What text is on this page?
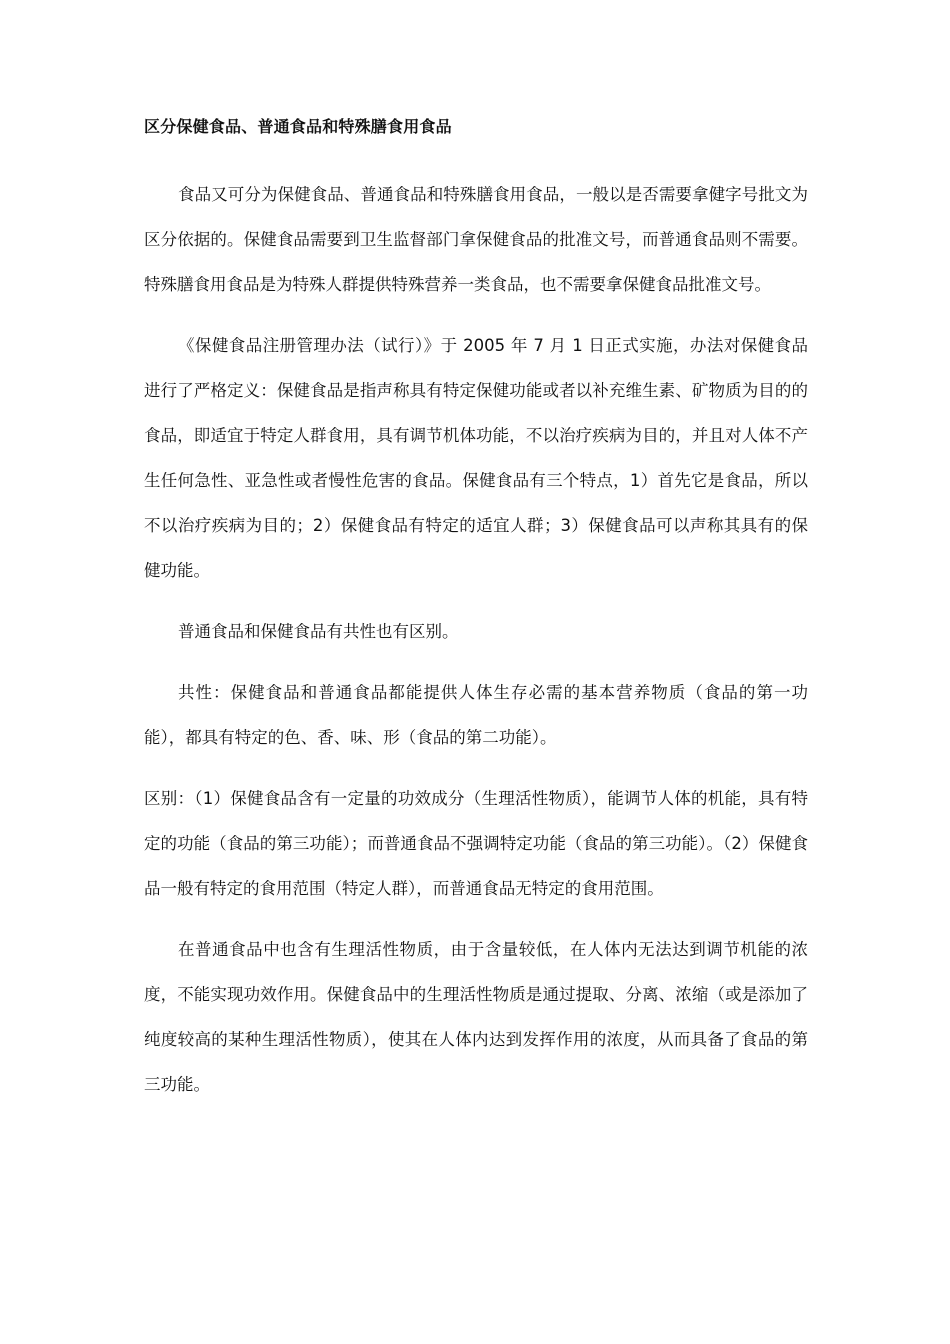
区分保健食品、普通食品和特殊膳食用食品

食品又可分为保健食品、普通食品和特殊膳食用食品，一般以是否需要拿健字号批文为区分依据的。保健食品需要到卫生监督部门拿保健食品的批准文号，而普通食品则不需要。特殊膳食用食品是为特殊人群提供特殊营养一类食品，也不需要拿保健食品批准文号。

《保健食品注册管理办法（试行）》于 2005 年 7 月 1 日正式实施，办法对保健食品进行了严格定义：保健食品是指声称具有特定保健功能或者以补充维生素、矿物质为目的的食品，即适宜于特定人群食用，具有调节机体功能，不以治疗疾病为目的，并且对人体不产生任何急性、亚急性或者慢性危害的食品。保健食品有三个特点，1）首先它是食品，所以不以治疗疾病为目的；2）保健食品有特定的适宜人群；3）保健食品可以声称其具有的保健功能。

普通食品和保健食品有共性也有区别。

共性：保健食品和普通食品都能提供人体生存必需的基本营养物质（食品的第一功能），都具有特定的色、香、味、形（食品的第二功能）。

区别：（1）保健食品含有一定量的功效成分（生理活性物质），能调节人体的机能，具有特定的功能（食品的第三功能）；而普通食品不强调特定功能（食品的第三功能）。（2）保健食品一般有特定的食用范围（特定人群），而普通食品无特定的食用范围。

在普通食品中也含有生理活性物质，由于含量较低，在人体内无法达到调节机能的浓度，不能实现功效作用。保健食品中的生理活性物质是通过提取、分离、浓缩（或是添加了纯度较高的某种生理活性物质），使其在人体内达到发挥作用的浓度，从而具备了食品的第三功能。
